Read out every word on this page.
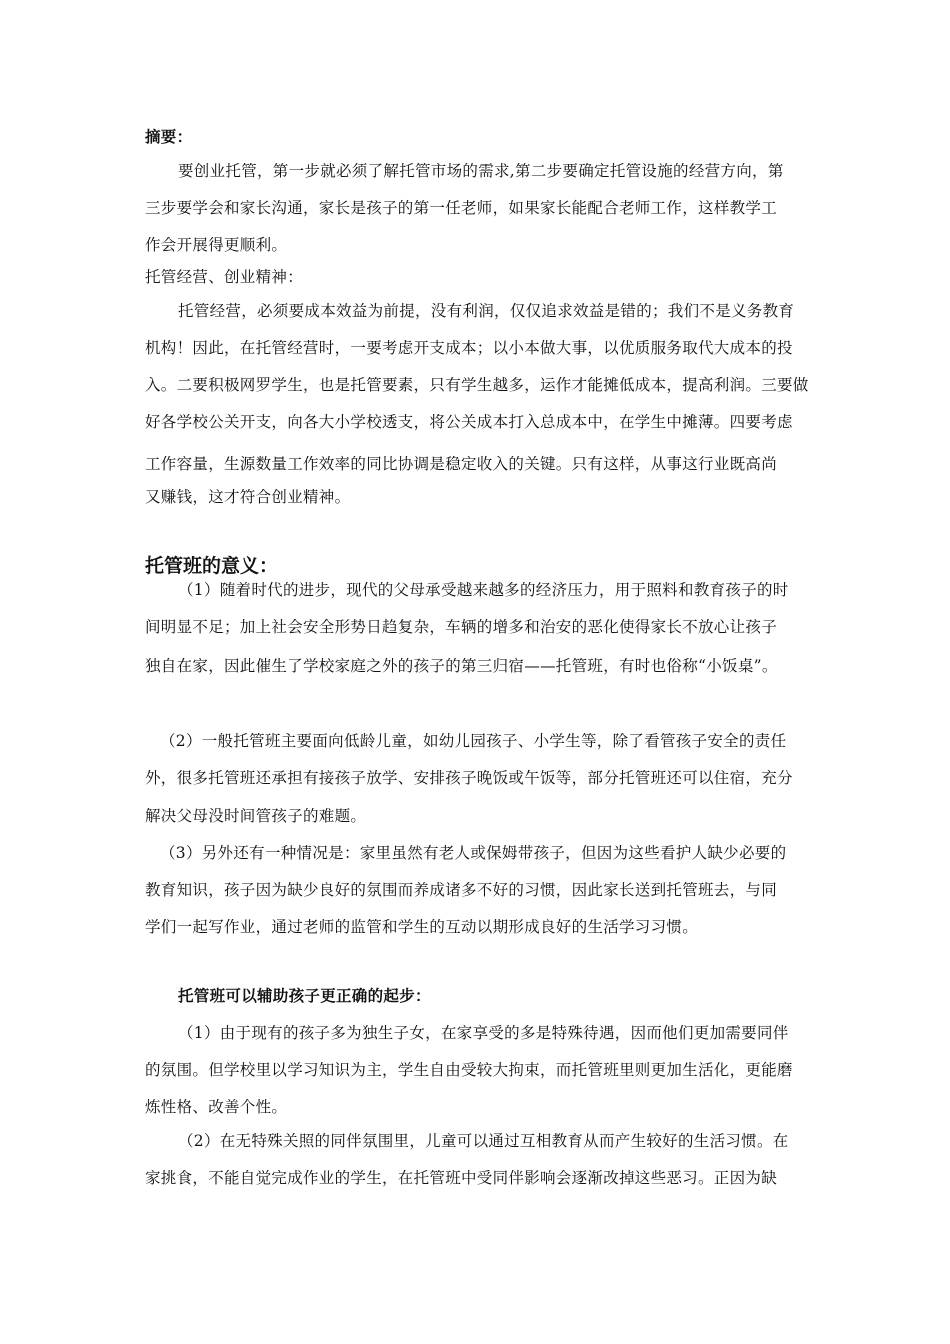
摘要：
要创业托管，第一步就必须了解托管市场的需求,第二步要确定托管设施的经营方向，第
三步要学会和家长沟通，家长是孩子的第一任老师，如果家长能配合老师工作，这样教学工
作会开展得更顺利。
托管经营、创业精神：
托管经营，必须要成本效益为前提，没有利润，仅仅追求效益是错的；我们不是义务教育
机构！因此，在托管经营时，一要考虑开支成本；以小本做大事，以优质服务取代大成本的投
入。二要积极网罗学生，也是托管要素，只有学生越多，运作才能摊低成本，提高利润。三要做
好各学校公关开支，向各大小学校透支，将公关成本打入总成本中，在学生中摊薄。四要考虑
工作容量，生源数量工作效率的同比协调是稳定收入的关键。只有这样，从事这行业既高尚
又赚钱，这才符合创业精神。
托管班的意义：
（1）随着时代的进步，现代的父母承受越来越多的经济压力，用于照料和教育孩子的时
间明显不足；加上社会安全形势日趋复杂，车辆的增多和治安的恶化使得家长不放心让孩子
独自在家，因此催生了学校家庭之外的孩子的第三归宿——托管班，有时也俗称“小饭桌”。
（2）一般托管班主要面向低龄儿童，如幼儿园孩子、小学生等，除了看管孩子安全的责任
外，很多托管班还承担有接孩子放学、安排孩子晚饭或午饭等，部分托管班还可以住宿，充分
解决父母没时间管孩子的难题。
（3）另外还有一种情况是：家里虽然有老人或保姆带孩子，但因为这些看护人缺少必要的
教育知识，孩子因为缺少良好的氛围而养成诸多不好的习惯，因此家长送到托管班去，与同
学们一起写作业，通过老师的监管和学生的互动以期形成良好的生活学习习惯。
托管班可以辅助孩子更正确的起步：
（1）由于现有的孩子多为独生子女，在家享受的多是特殊待遇，因而他们更加需要同伴
的氛围。但学校里以学习知识为主，学生自由受较大拘束，而托管班里则更加生活化，更能磨
炼性格、改善个性。
（2）在无特殊关照的同伴氛围里，儿童可以通过互相教育从而产生较好的生活习惯。在
家挑食，不能自觉完成作业的学生，在托管班中受同伴影响会逐渐改掉这些恶习。正因为缺
